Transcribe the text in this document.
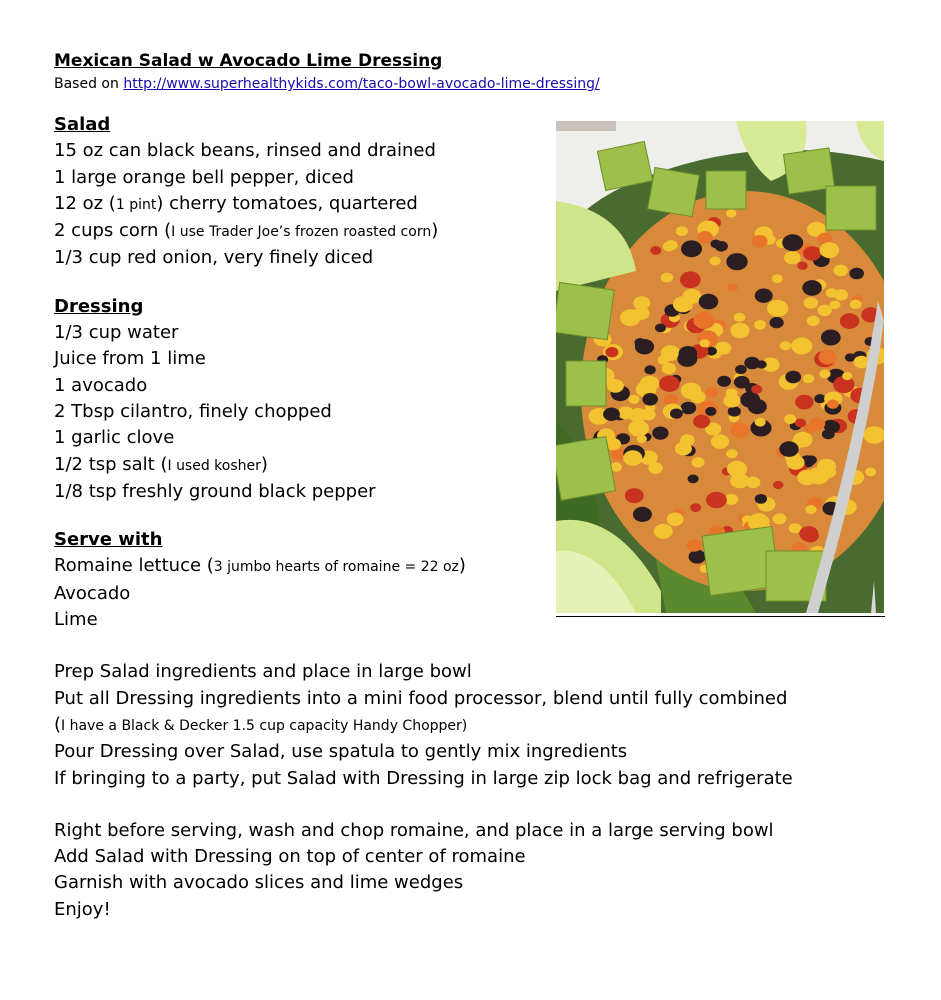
Mexican Salad w Avocado Lime Dressing
Based on http://www.superhealthykids.com/taco-bowl-avocado-lime-dressing/
Salad
15 oz can black beans, rinsed and drained
1 large orange bell pepper, diced
12 oz (1 pint) cherry tomatoes, quartered
2 cups corn (I use Trader Joe’s frozen roasted corn)
1/3 cup red onion, very finely diced
Dressing
1/3 cup water
Juice from 1 lime
1 avocado
2 Tbsp cilantro, finely chopped
1 garlic clove
1/2 tsp salt (I used kosher)
1/8 tsp freshly ground black pepper
Serve with
Romaine lettuce (3 jumbo hearts of romaine = 22 oz)
Avocado
Lime
Prep Salad ingredients and place in large bowl
Put all Dressing ingredients into a mini food processor, blend until fully combined
(I have a Black & Decker 1.5 cup capacity Handy Chopper)
Pour Dressing over Salad, use spatula to gently mix ingredients
If bringing to a party, put Salad with Dressing in large zip lock bag and refrigerate
Right before serving, wash and chop romaine, and place in a large serving bowl
Add Salad with Dressing on top of center of romaine
Garnish with avocado slices and lime wedges
Enjoy!
